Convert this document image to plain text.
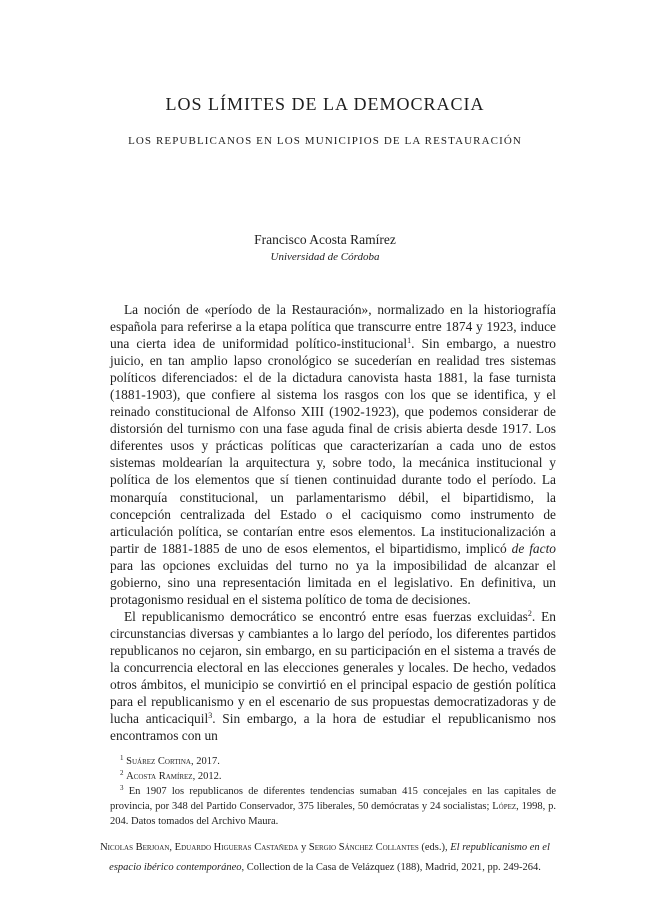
LOS LÍMITES DE LA DEMOCRACIA
LOS REPUBLICANOS EN LOS MUNICIPIOS DE LA RESTAURACIÓN
Francisco Acosta Ramírez
Universidad de Córdoba

La noción de «período de la Restauración», normalizado en la historiografía española para referirse a la etapa política que transcurre entre 1874 y 1923, induce una cierta idea de uniformidad político-institucional$^1$. Sin embargo, a nuestro juicio, en tan amplio lapso cronológico se sucederían en realidad tres sistemas políticos diferenciados: el de la dictadura canovista hasta 1881, la fase turnista (1881-1903), que confiere al sistema los rasgos con los que se identifica, y el reinado constitucional de Alfonso XIII (1902-1923), que podemos considerar de distorsión del turnismo con una fase aguda final de crisis abierta desde 1917. Los diferentes usos y prácticas políticas que caracterizarían a cada uno de estos sistemas moldearían la arquitectura y, sobre todo, la mecánica institucional y política de los elementos que sí tienen continuidad durante todo el período. La monarquía constitucional, un parlamentarismo débil, el bipartidismo, la concepción centralizada del Estado o el caciquismo como instrumento de articulación política, se contarían entre esos elementos. La institucionalización a partir de 1881-1885 de uno de esos elementos, el bipartidismo, implicó de facto para las opciones excluidas del turno no ya la imposibilidad de alcanzar el gobierno, sino una representación limitada en el legislativo. En definitiva, un protagonismo residual en el sistema político de toma de decisiones.

El republicanismo democrático se encontró entre esas fuerzas excluidas$^2$. En circunstancias diversas y cambiantes a lo largo del período, los diferentes partidos republicanos no cejaron, sin embargo, en su participación en el sistema a través de la concurrencia electoral en las elecciones generales y locales. De hecho, vedados otros ámbitos, el municipio se convirtió en el principal espacio de gestión política para el republicanismo y en el escenario de sus propuestas democratizadoras y de lucha anticaciquil$^3$. Sin embargo, a la hora de estudiar el republicanismo nos encontramos con un

$^1$ Suárez Cortina, 2017.

$^2$ Acosta Ramírez, 2012.

$^3$ En 1907 los republicanos de diferentes tendencias sumaban 415 concejales en las capitales de provincia, por 348 del Partido Conservador, 375 liberales, 50 demócratas y 24 socialistas; López, 1998, p. 204. Datos tomados del Archivo Maura.

Nicolas Berjoan, Eduardo Higueras Castañeda y Sergio Sánchez Collantes (eds.), El republicanismo en el espacio ibérico contemporáneo, Collection de la Casa de Velázquez (188), Madrid, 2021, pp. 249-264.
